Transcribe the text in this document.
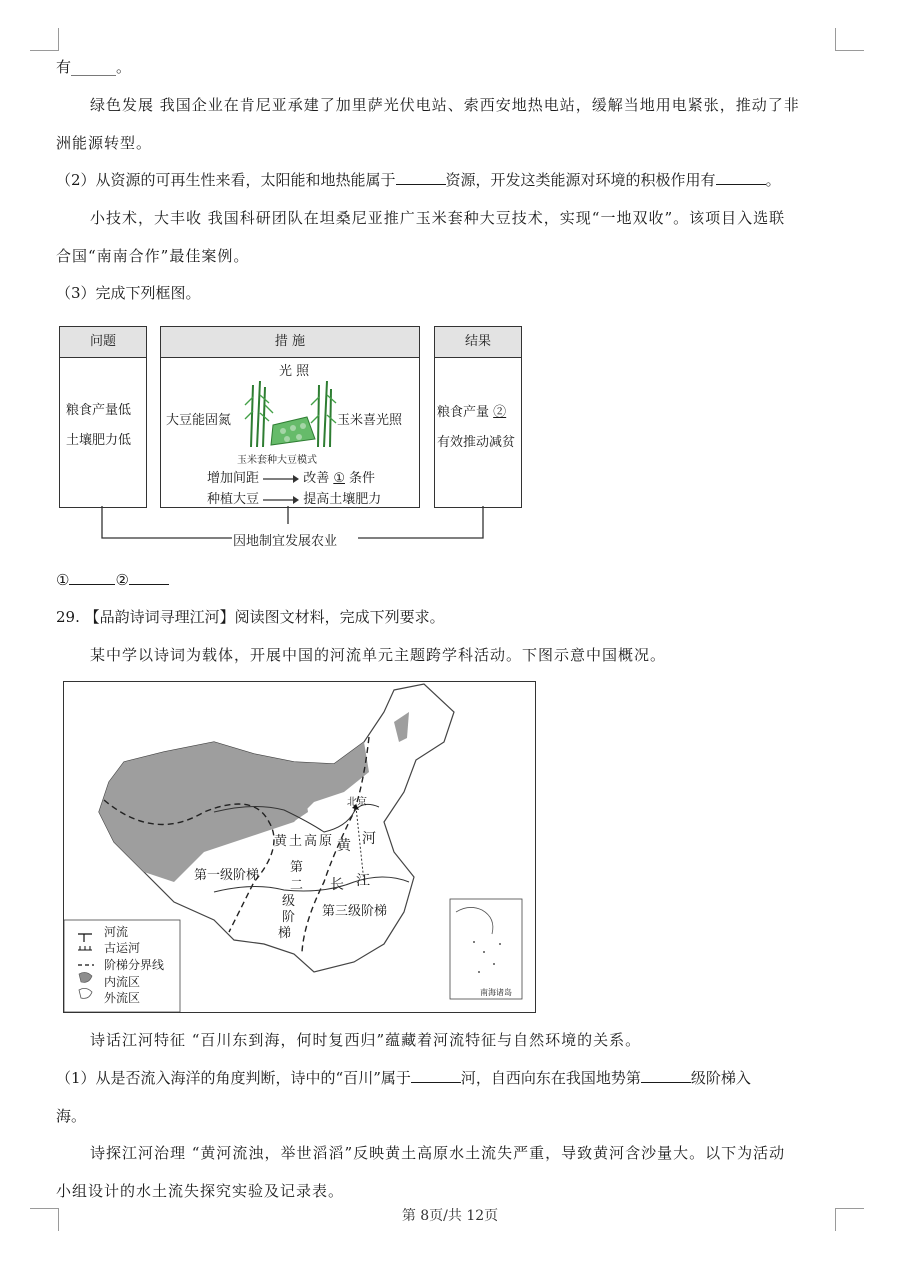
有______。
绿色发展 我国企业在肯尼亚承建了加里萨光伏电站、索西安地热电站，缓解当地用电紧张，推动了非
洲能源转型。
（2）从资源的可再生性来看，太阳能和地热能属于	资源，开发这类能源对环境的积极作用有	。
小技术，大丰收 我国科研团队在坦桑尼亚推广玉米套种大豆技术，实现“一地双收”。该项目入选联
合国“南南合作”最佳案例。
（3）完成下列框图。
问题
粮食产量低
土壤肥力低
措 施
光 照
大豆能固氮	玉米喜光照
玉米套种大豆模式
增加间距	改善 ① 条件
种植大豆	提高土壤肥力
结果
粮食产量 ②
有效推动减贫
因地制宜发展农业
①	②
29. 【品韵诗词寻理江河】阅读图文材料，完成下列要求。
某中学以诗词为载体，开展中国的河流单元主题跨学科活动。下图示意中国概况。
北京
黄土高原 黄 河
长 江
第一级阶梯
第
二
级
阶
梯
第三级阶梯
南海诸岛
河流
古运河
阶梯分界线
内流区
外流区
诗话江河特征 “百川东到海，何时复西归”蕴藏着河流特征与自然环境的关系。
（1）从是否流入海洋的角度判断，诗中的“百川”属于	河，自西向东在我国地势第	级阶梯入
海。
诗探江河治理 “黄河流浊，举世滔滔”反映黄土高原水土流失严重，导致黄河含沙量大。以下为活动
小组设计的水土流失探究实验及记录表。
第 8页/共 12页
